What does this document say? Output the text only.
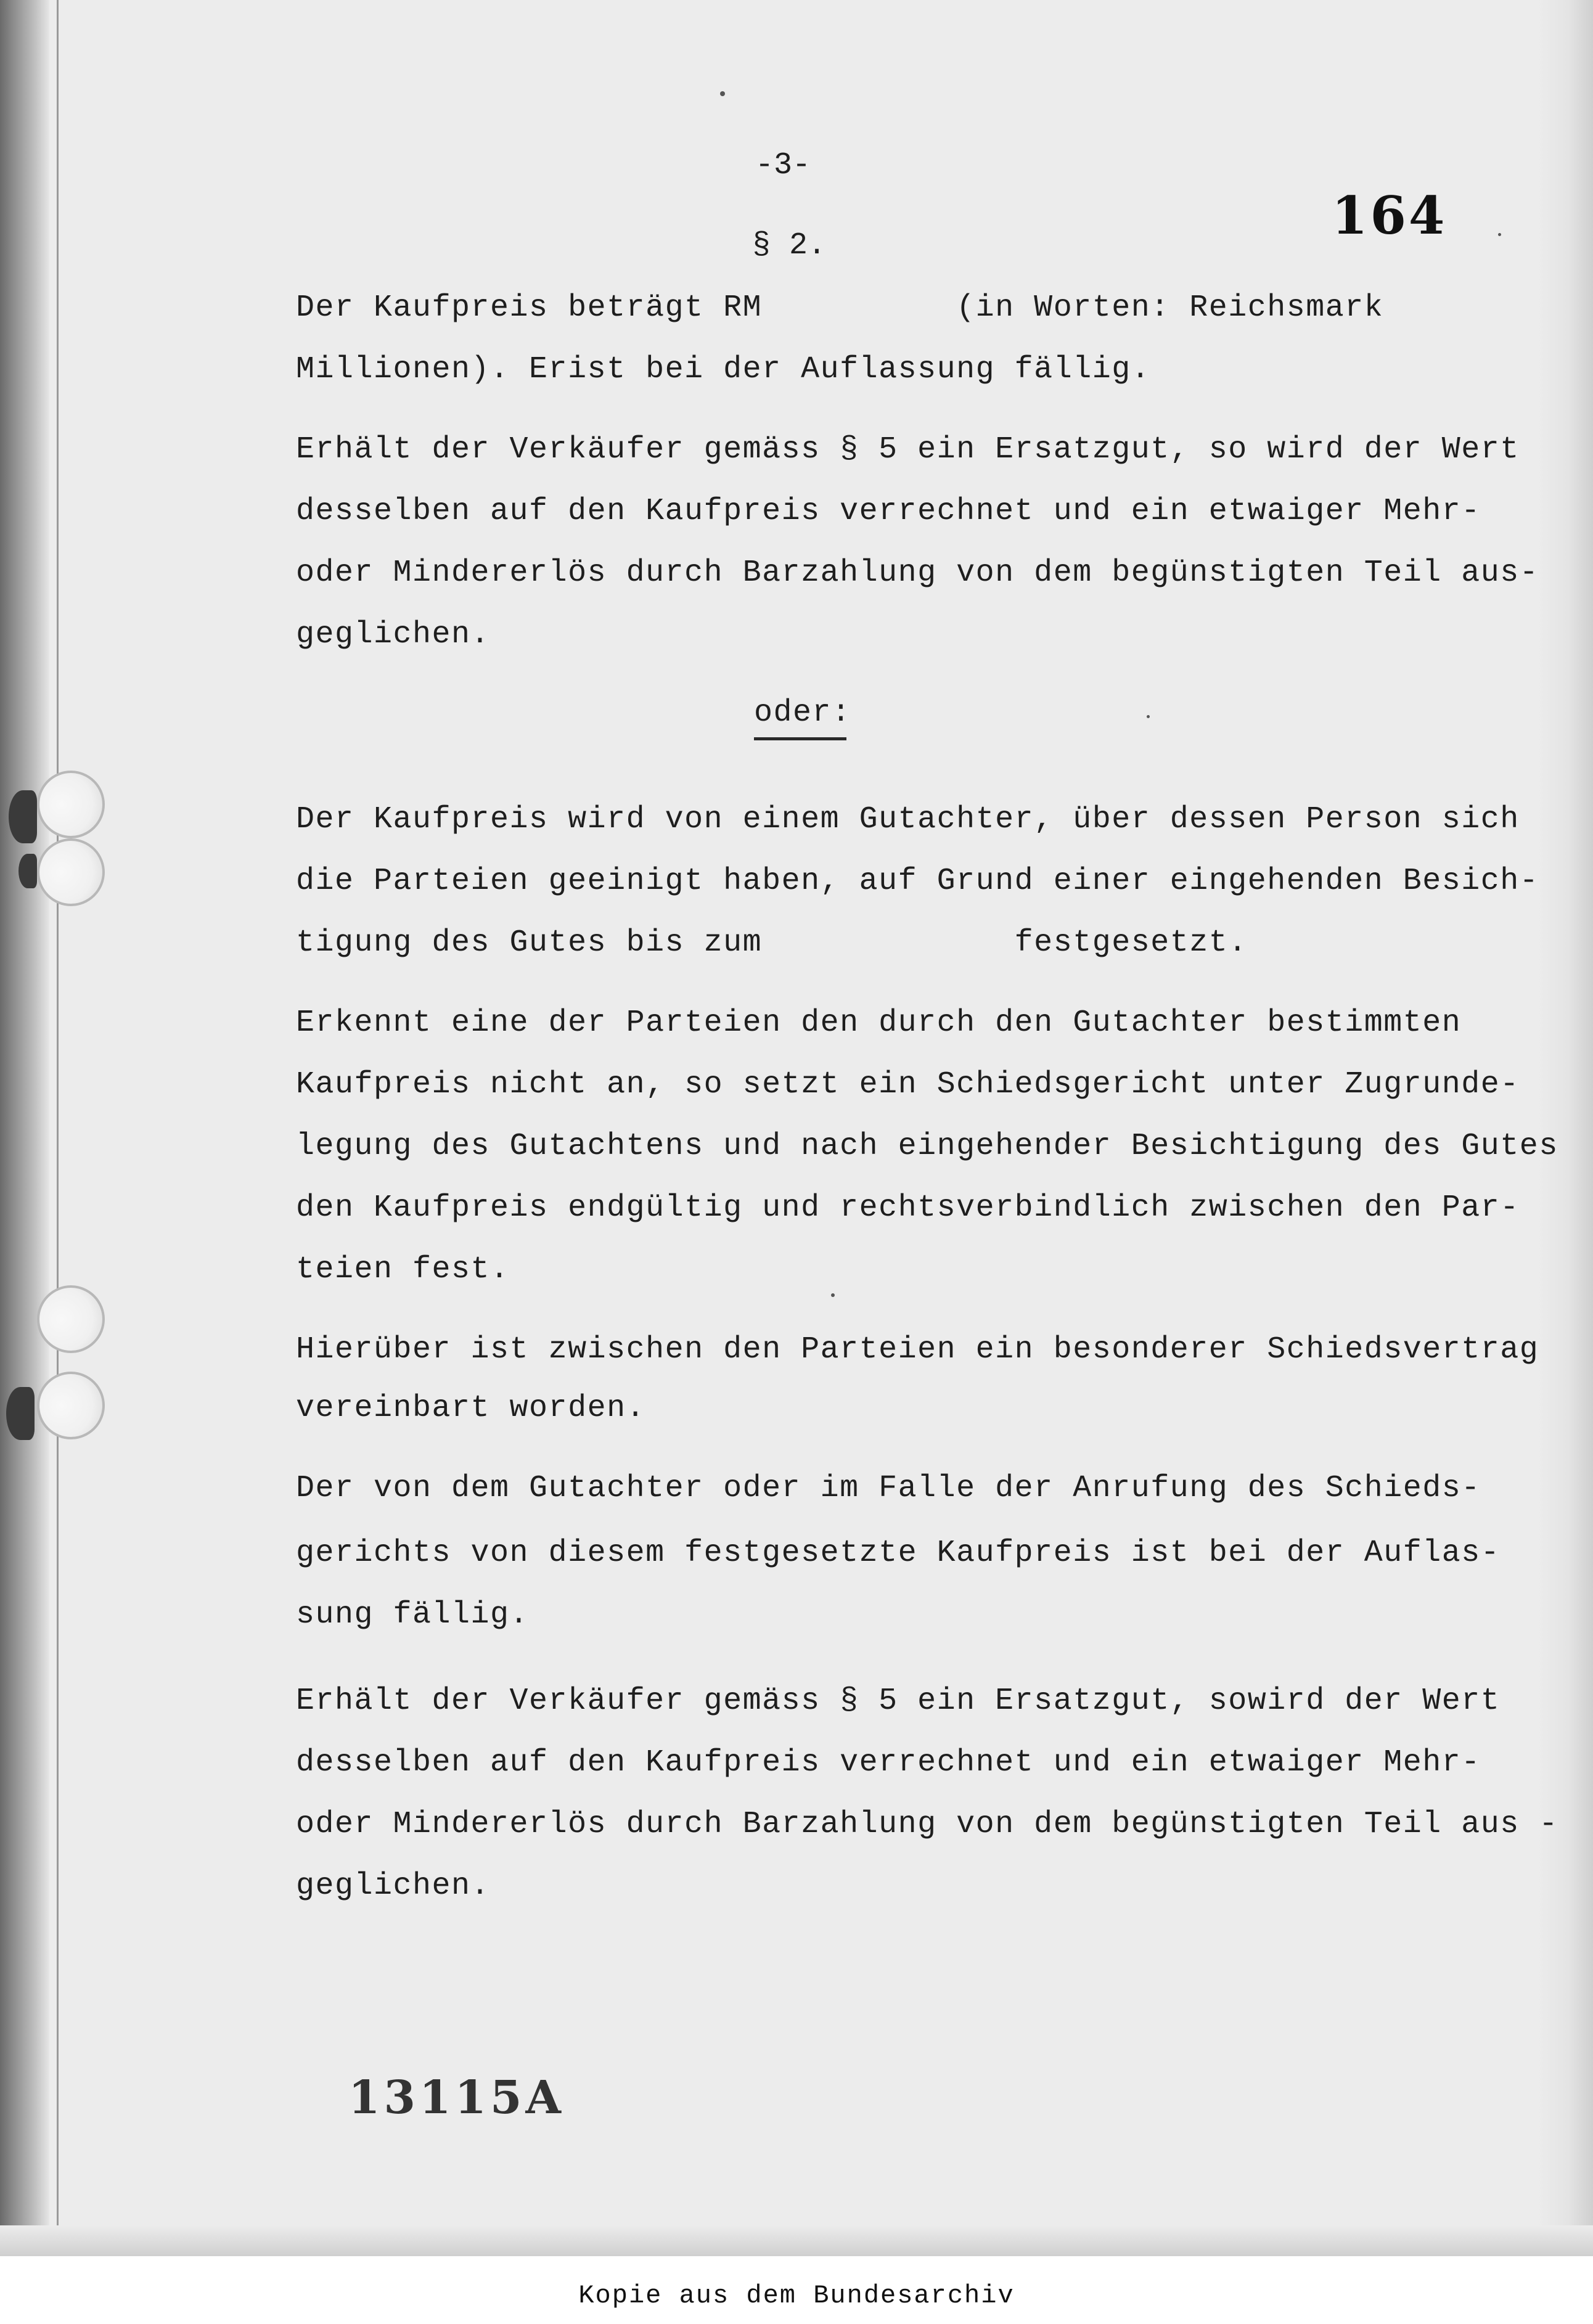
-3-
164
§ 2.
Der Kaufpreis beträgt RM          (in Worten: Reichsmark
Millionen). Erist bei der Auflassung fällig.
Erhält der Verkäufer gemäss § 5 ein Ersatzgut, so wird der Wert
desselben auf den Kaufpreis verrechnet und ein etwaiger Mehr-
oder Mindererlös durch Barzahlung von dem begünstigten Teil aus-
geglichen.
oder:
Der Kaufpreis wird von einem Gutachter, über dessen Person sich
die Parteien geeinigt haben, auf Grund einer eingehenden Besich-
tigung des Gutes bis zum             festgesetzt.
Erkennt eine der Parteien den durch den Gutachter bestimmten
Kaufpreis nicht an, so setzt ein Schiedsgericht unter Zugrunde-
legung des Gutachtens und nach eingehender Besichtigung des Gutes
den Kaufpreis endgültig und rechtsverbindlich zwischen den Par-
teien fest.
Hierüber ist zwischen den Parteien ein besonderer Schiedsvertrag
vereinbart worden.
Der von dem Gutachter oder im Falle der Anrufung des Schieds-
gerichts von diesem festgesetzte Kaufpreis ist bei der Auflas-
sung fällig.
Erhält der Verkäufer gemäss § 5 ein Ersatzgut, sowird der Wert
desselben auf den Kaufpreis verrechnet und ein etwaiger Mehr-
oder Mindererlös durch Barzahlung von dem begünstigten Teil aus -
geglichen.
13115A
Kopie aus dem Bundesarchiv
